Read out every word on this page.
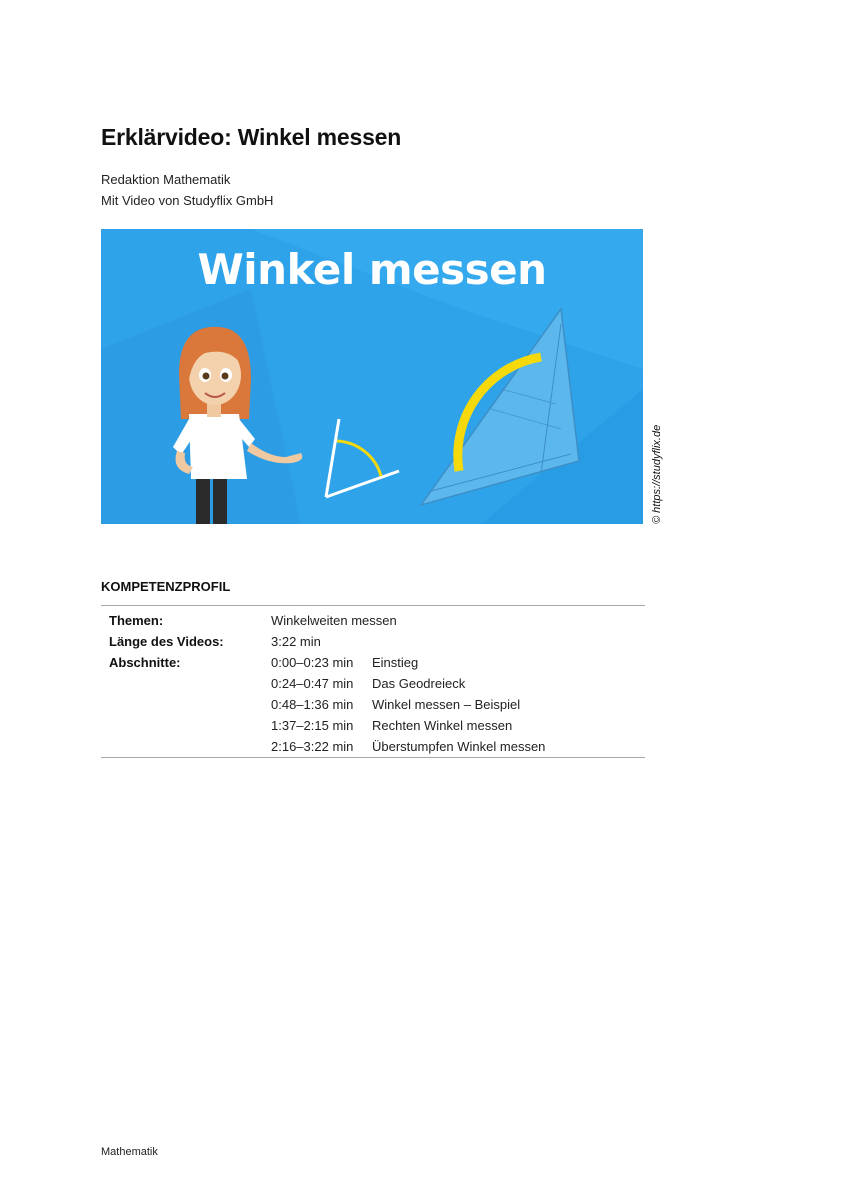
Erklärvideo: Winkel messen
Redaktion Mathematik
Mit Video von Studyflix GmbH
Winkel messen
© https://studyflix.de
KOMPETENZPROFIL
Themen:	Winkelweiten messen
Länge des Videos:	3:22 min
Abschnitte:	0:00–0:23 min	Einstieg
0:24–0:47 min	Das Geodreieck
0:48–1:36 min	Winkel messen – Beispiel
1:37–2:15 min	Rechten Winkel messen
2:16–3:22 min	Überstumpfen Winkel messen
Mathematik
